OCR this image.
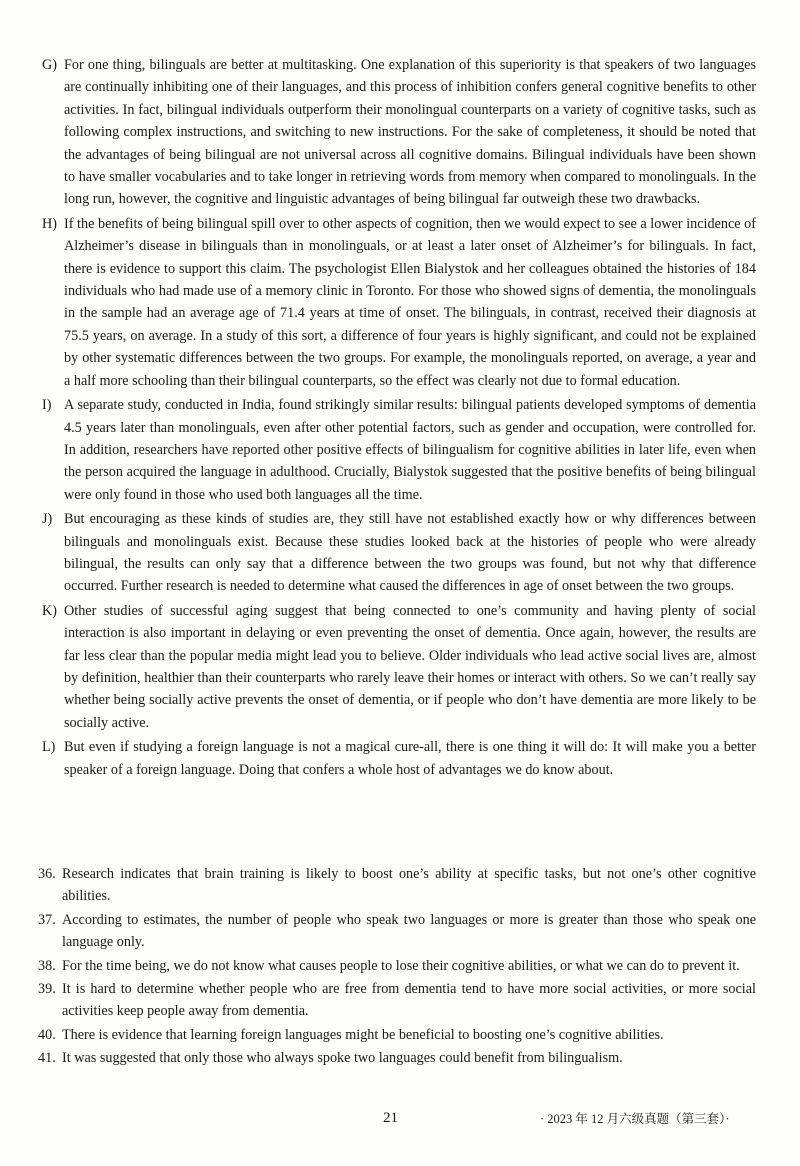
G) For one thing, bilinguals are better at multitasking. One explanation of this superiority is that speakers of two languages are continually inhibiting one of their languages, and this process of inhibition confers general cognitive benefits to other activities. In fact, bilingual individuals outperform their monolingual counterparts on a variety of cognitive tasks, such as following complex instructions, and switching to new instructions. For the sake of completeness, it should be noted that the advantages of being bilingual are not universal across all cognitive domains. Bilingual individuals have been shown to have smaller vocabularies and to take longer in retrieving words from memory when compared to monolinguals. In the long run, however, the cognitive and linguistic advantages of being bilingual far outweigh these two drawbacks.

H) If the benefits of being bilingual spill over to other aspects of cognition, then we would expect to see a lower incidence of Alzheimer’s disease in bilinguals than in monolinguals, or at least a later onset of Alzheimer’s for bilinguals. In fact, there is evidence to support this claim. The psychologist Ellen Bialystok and her colleagues obtained the histories of 184 individuals who had made use of a memory clinic in Toronto. For those who showed signs of dementia, the monolinguals in the sample had an average age of 71.4 years at time of onset. The bilinguals, in contrast, received their diagnosis at 75.5 years, on average. In a study of this sort, a difference of four years is highly significant, and could not be explained by other systematic differences between the two groups. For example, the monolinguals reported, on average, a year and a half more schooling than their bilingual counterparts, so the effect was clearly not due to formal education.

I) A separate study, conducted in India, found strikingly similar results: bilingual patients developed symptoms of dementia 4.5 years later than monolinguals, even after other potential factors, such as gender and occupation, were controlled for. In addition, researchers have reported other positive effects of bilingualism for cognitive abilities in later life, even when the person acquired the language in adulthood. Crucially, Bialystok suggested that the positive benefits of being bilingual were only found in those who used both languages all the time.

J) But encouraging as these kinds of studies are, they still have not established exactly how or why differences between bilinguals and monolinguals exist. Because these studies looked back at the histories of people who were already bilingual, the results can only say that a difference between the two groups was found, but not why that difference occurred. Further research is needed to determine what caused the differences in age of onset between the two groups.

K) Other studies of successful aging suggest that being connected to one’s community and having plenty of social interaction is also important in delaying or even preventing the onset of dementia. Once again, however, the results are far less clear than the popular media might lead you to believe. Older individuals who lead active social lives are, almost by definition, healthier than their counterparts who rarely leave their homes or interact with others. So we can’t really say whether being socially active prevents the onset of dementia, or if people who don’t have dementia are more likely to be socially active.

L) But even if studying a foreign language is not a magical cure-all, there is one thing it will do: It will make you a better speaker of a foreign language. Doing that confers a whole host of advantages we do know about.

36. Research indicates that brain training is likely to boost one’s ability at specific tasks, but not one’s other cognitive abilities.

37. According to estimates, the number of people who speak two languages or more is greater than those who speak one language only.

38. For the time being, we do not know what causes people to lose their cognitive abilities, or what we can do to prevent it.

39. It is hard to determine whether people who are free from dementia tend to have more social activities, or more social activities keep people away from dementia.

40. There is evidence that learning foreign languages might be beneficial to boosting one’s cognitive abilities.

41. It was suggested that only those who always spoke two languages could benefit from bilingualism.

21	· 2023 年 12 月六级真题（第三套）·
